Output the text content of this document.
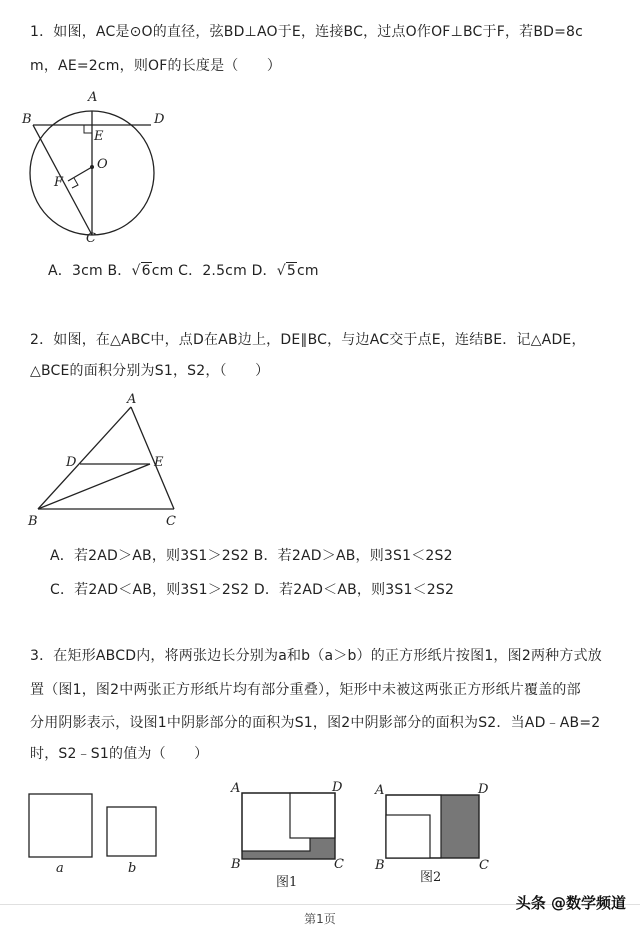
1．如图，AC是⊙O的直径，弦BD⊥AO于E，连接BC，过点O作OF⊥BC于F，若BD=8c
m，AE=2cm，则OF的长度是（　　）
A
B	D
E
O
F
C
A．3cm B．√6cm C．2.5cm D．√5cm
2．如图，在△ABC中，点D在AB边上，DE∥BC，与边AC交于点E，连结BE．记△ADE，
△BCE的面积分别为S1，S2，（　　）
A
D	E
B	C
A．若2AD＞AB，则3S1＞2S2 B．若2AD＞AB，则3S1＜2S2
C．若2AD＜AB，则3S1＞2S2 D．若2AD＜AB，则3S1＜2S2
3．在矩形ABCD内，将两张边长分别为a和b（a＞b）的正方形纸片按图1，图2两种方式放
置（图1，图2中两张正方形纸片均有部分重叠），矩形中未被这两张正方形纸片覆盖的部
分用阴影表示，设图1中阴影部分的面积为S1，图2中阴影部分的面积为S2．当AD﹣AB=2
时，S2﹣S1的值为（　　）
a	b
A	D
B	C
图1
A	D
B	C
图2
第1页
头条 @数学频道
